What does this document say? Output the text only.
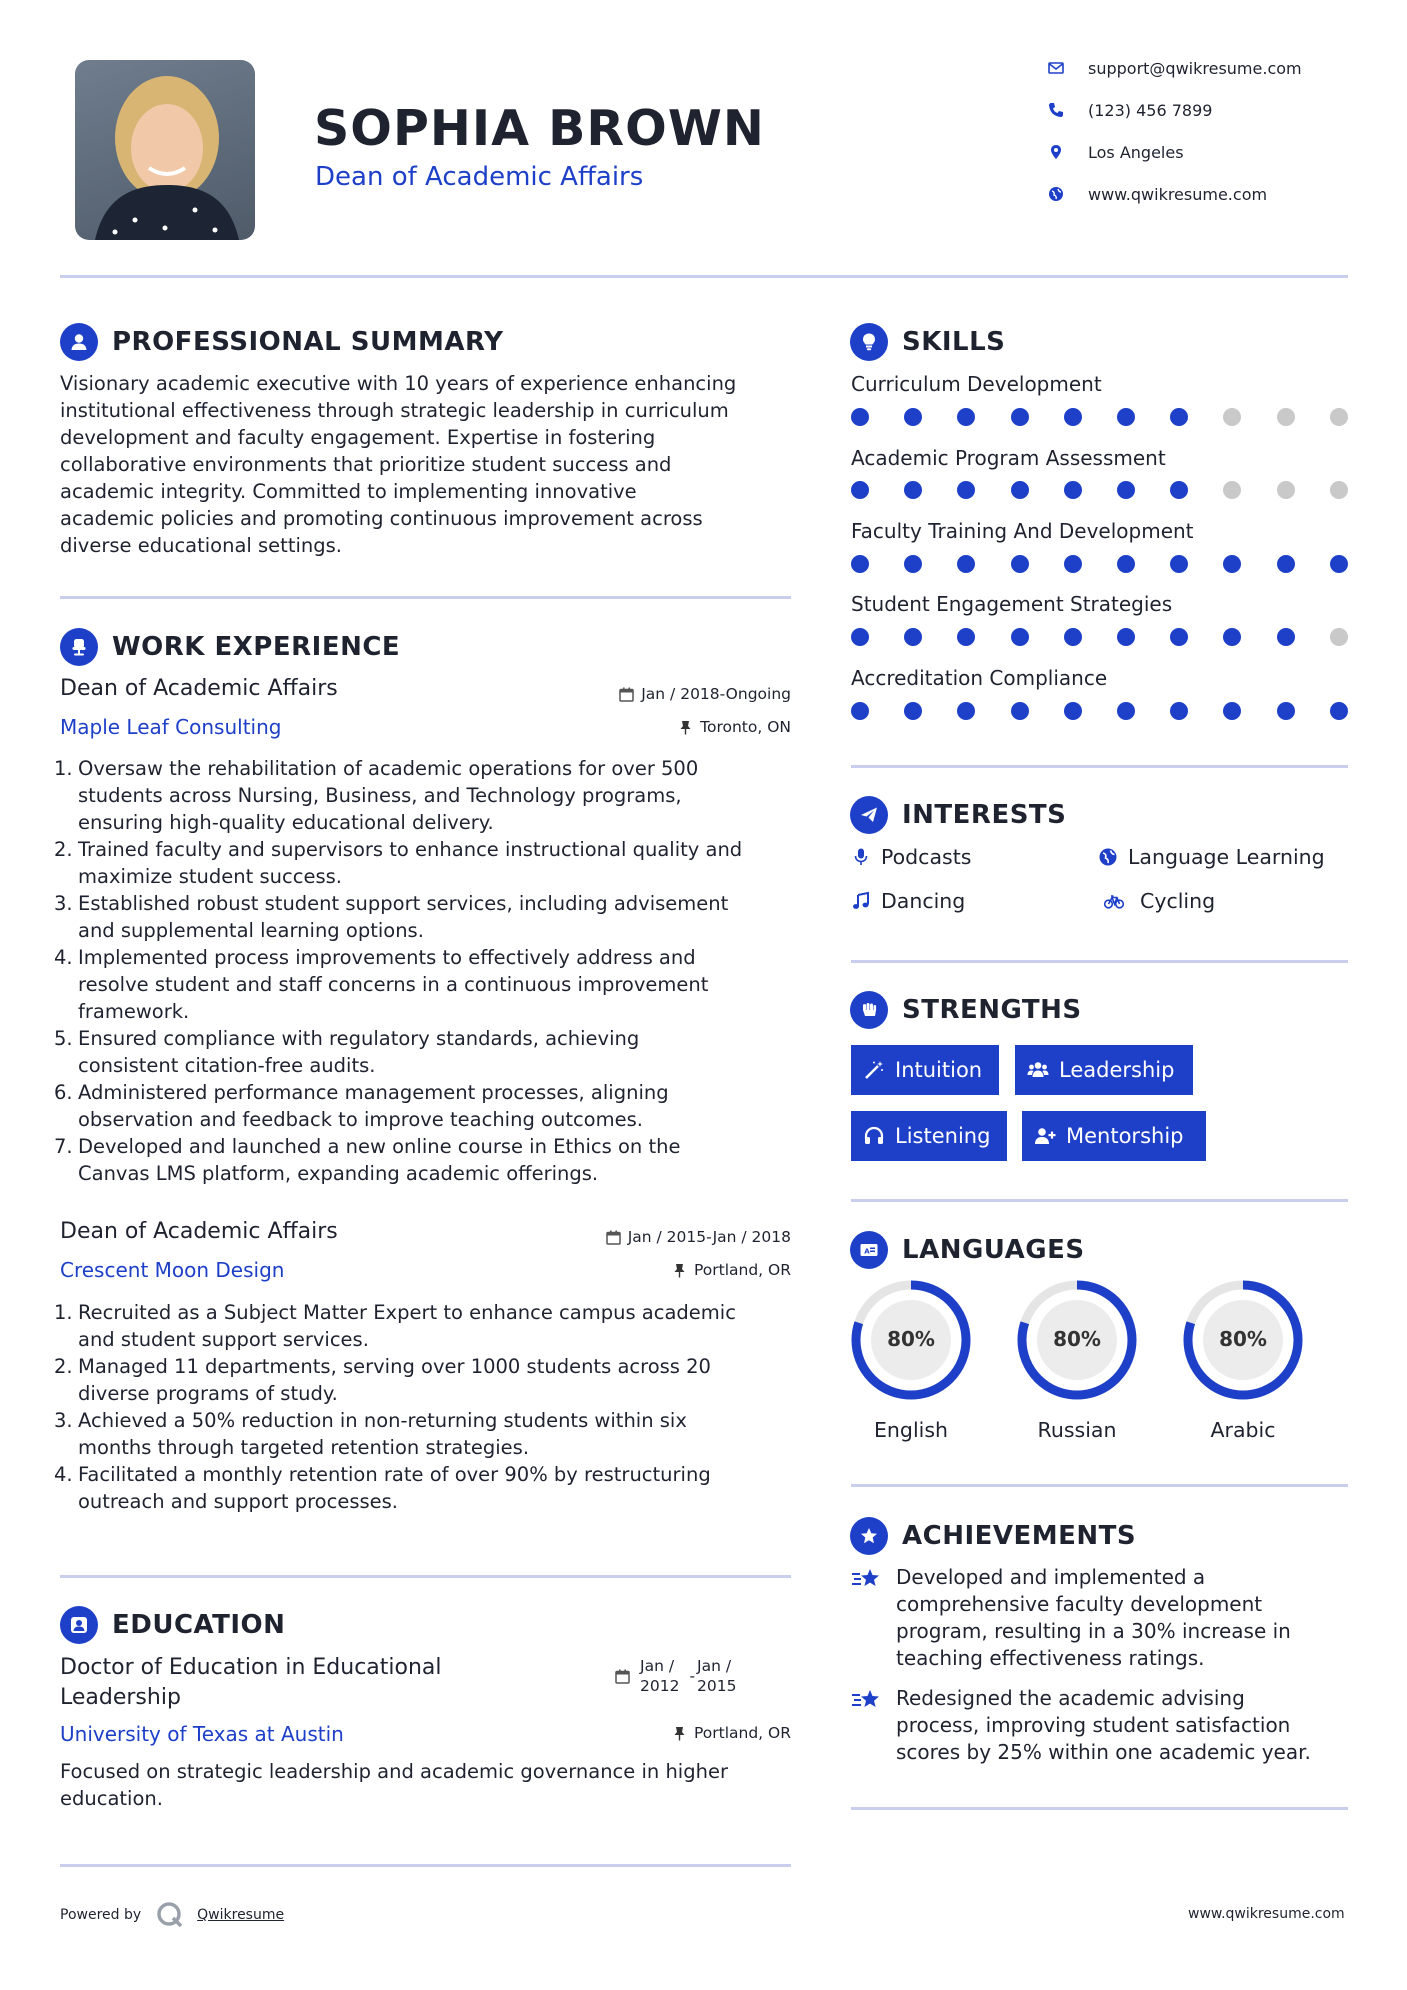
SOPHIA BROWN
Dean of Academic Affairs
support@qwikresume.com
(123) 456 7899
Los Angeles
www.qwikresume.com
PROFESSIONAL SUMMARY
Visionary academic executive with 10 years of experience enhancing
institutional effectiveness through strategic leadership in curriculum
development and faculty engagement. Expertise in fostering
collaborative environments that prioritize student success and
academic integrity. Committed to implementing innovative
academic policies and promoting continuous improvement across
diverse educational settings.
WORK EXPERIENCE
Dean of Academic Affairs
Maple Leaf Consulting
Jan / 2018-Ongoing
Toronto, ON
1. Oversaw the rehabilitation of academic operations for over 500
students across Nursing, Business, and Technology programs,
ensuring high-quality educational delivery.
2. Trained faculty and supervisors to enhance instructional quality and
maximize student success.
3. Established robust student support services, including advisement
and supplemental learning options.
4. Implemented process improvements to effectively address and
resolve student and staff concerns in a continuous improvement
framework.
5. Ensured compliance with regulatory standards, achieving
consistent citation-free audits.
6. Administered performance management processes, aligning
observation and feedback to improve teaching outcomes.
7. Developed and launched a new online course in Ethics on the
Canvas LMS platform, expanding academic offerings.
Dean of Academic Affairs
Crescent Moon Design
Jan / 2015-Jan / 2018
Portland, OR
1. Recruited as a Subject Matter Expert to enhance campus academic
and student support services.
2. Managed 11 departments, serving over 1000 students across 20
diverse programs of study.
3. Achieved a 50% reduction in non-returning students within six
months through targeted retention strategies.
4. Facilitated a monthly retention rate of over 90% by restructuring
outreach and support processes.
EDUCATION
Doctor of Education in Educational
Leadership
University of Texas at Austin
Jan /
2012
-
Jan /
2015
Portland, OR
Focused on strategic leadership and academic governance in higher
education.
SKILLS
Curriculum Development
Academic Program Assessment
Faculty Training And Development
Student Engagement Strategies
Accreditation Compliance
INTERESTS
Podcasts	Language Learning
Dancing	Cycling
STRENGTHS
Intuition	Leadership
Listening	Mentorship
A LANGUAGES
80%
English
80%
Russian
80%
Arabic
ACHIEVEMENTS
Developed and implemented a
comprehensive faculty development
program, resulting in a 30% increase in
teaching effectiveness ratings.
Redesigned the academic advising
process, improving student satisfaction
scores by 25% within one academic year.
Powered by	Qwikresume	www.qwikresume.com
